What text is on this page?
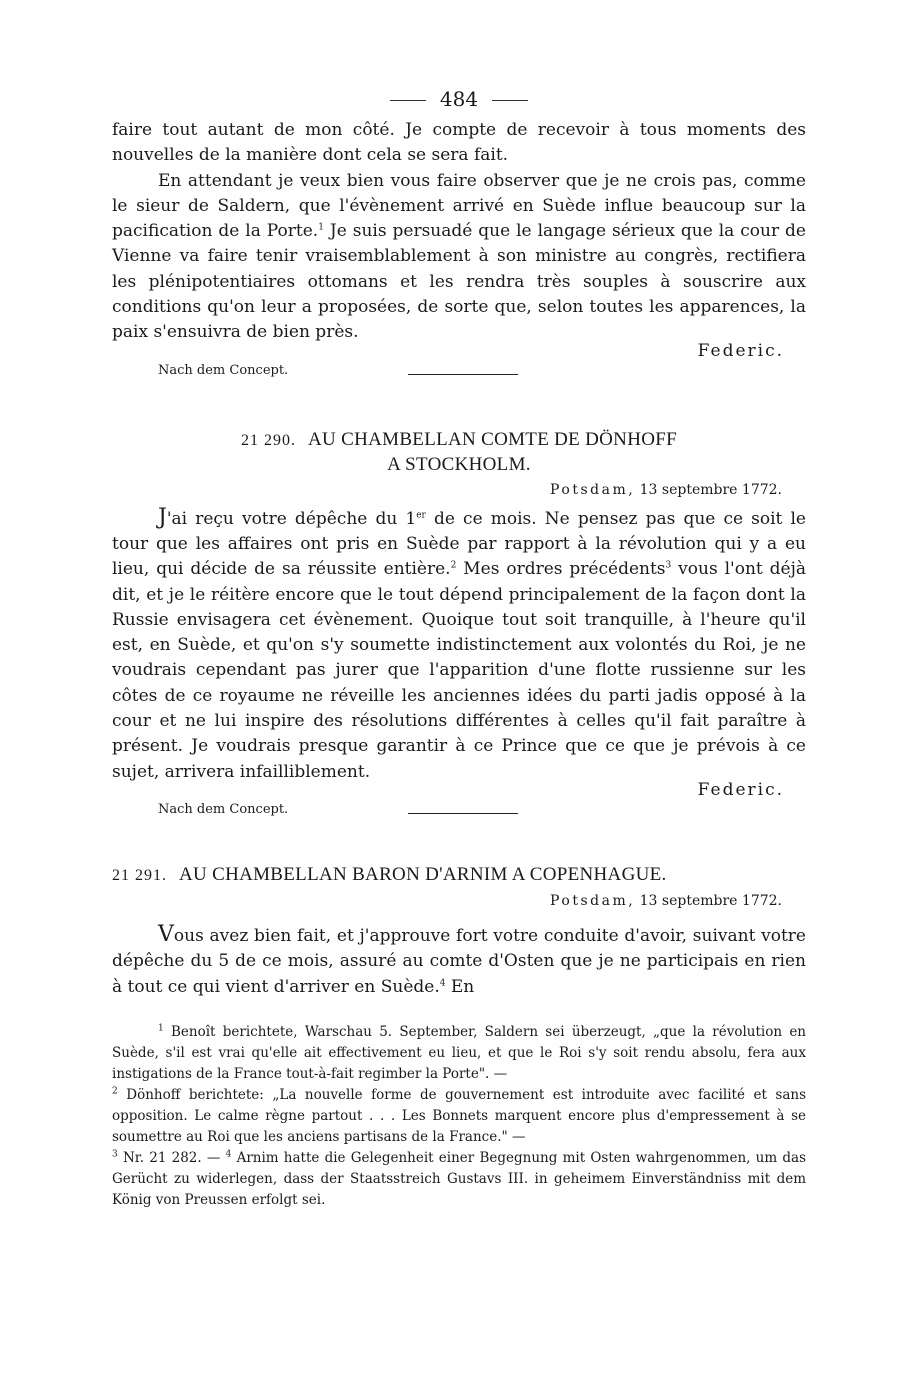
484

faire tout autant de mon côté. Je compte de recevoir à tous moments des nouvelles de la manière dont cela se sera fait.

En attendant je veux bien vous faire observer que je ne crois pas, comme le sieur de Saldern, que l'évènement arrivé en Suède influe beaucoup sur la pacification de la Porte.$^1$ Je suis persuadé que le langage sérieux que la cour de Vienne va faire tenir vraisemblablement à son ministre au congrès, rectifiera les plénipotentiaires ottomans et les rendra très souples à souscrire aux conditions qu'on leur a proposées, de sorte que, selon toutes les apparences, la paix s'ensuivra de bien près.

Federic.
Nach dem Concept.

21 290. AU CHAMBELLAN COMTE DE DÖNHOFF

A STOCKHOLM.

Potsdam, 13 septembre 1772.

J'ai reçu votre dépêche du 1er de ce mois. Ne pensez pas que ce soit le tour que les affaires ont pris en Suède par rapport à la révolution qui y a eu lieu, qui décide de sa réussite entière.$^2$ Mes ordres précédents$^3$ vous l'ont déjà dit, et je le réitère encore que le tout dépend principalement de la façon dont la Russie envisagera cet évènement. Quoique tout soit tranquille, à l'heure qu'il est, en Suède, et qu'on s'y soumette indistinctement aux volontés du Roi, je ne voudrais cependant pas jurer que l'apparition d'une flotte russienne sur les côtes de ce royaume ne réveille les anciennes idées du parti jadis opposé à la cour et ne lui inspire des résolutions différentes à celles qu'il fait paraître à présent. Je voudrais presque garantir à ce Prince que ce que je prévois à ce sujet, arrivera infailliblement.

Federic.
Nach dem Concept.

21 291. AU CHAMBELLAN BARON D'ARNIM A COPENHAGUE.

Potsdam, 13 septembre 1772.

Vous avez bien fait, et j'approuve fort votre conduite d'avoir, suivant votre dépêche du 5 de ce mois, assuré au comte d'Osten que je ne participais en rien à tout ce qui vient d'arriver en Suède.$^4$ En

$^1$ Benoît berichtete, Warschau 5. September, Saldern sei überzeugt, „que la révolution en Suède, s'il est vrai qu'elle ait effectivement eu lieu, et que le Roi s'y soit rendu absolu, fera aux instigations de la France tout-à-fait regimber la Porte". —
$^2$ Dönhoff berichtete: „La nouvelle forme de gouvernement est introduite avec facilité et sans opposition. Le calme règne partout . . . Les Bonnets marquent encore plus d'empressement à se soumettre au Roi que les anciens partisans de la France." —
$^3$ Nr. 21 282. — $^4$ Arnim hatte die Gelegenheit einer Begegnung mit Osten wahrgenommen, um das Gerücht zu widerlegen, dass der Staatsstreich Gustavs III. in geheimem Einverständniss mit dem König von Preussen erfolgt sei.
